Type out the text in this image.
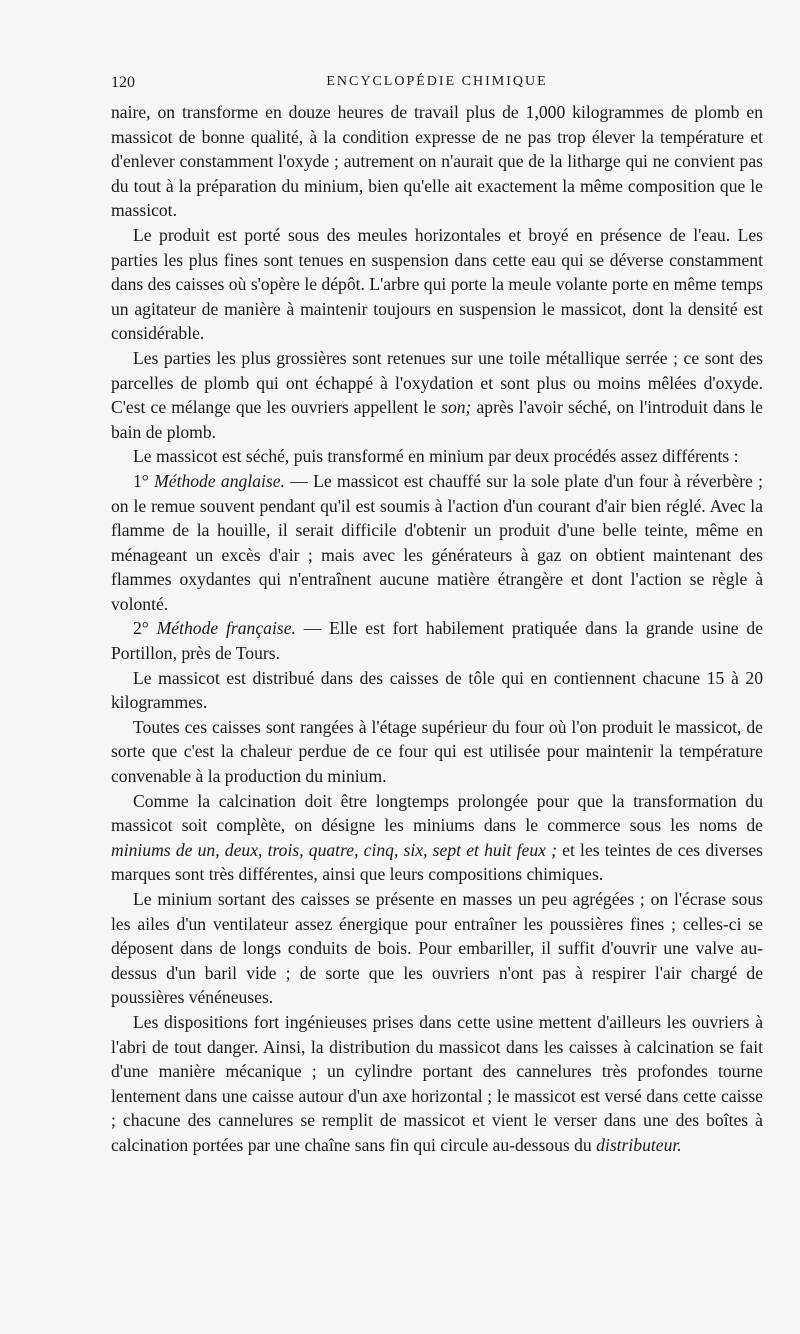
120	ENCYCLOPÉDIE CHIMIQUE

naire, on transforme en douze heures de travail plus de 1,000 kilogrammes de plomb en massicot de bonne qualité, à la condition expresse de ne pas trop élever la température et d'enlever constamment l'oxyde ; autrement on n'aurait que de la litharge qui ne convient pas du tout à la préparation du minium, bien qu'elle ait exactement la même composition que le massicot.

Le produit est porté sous des meules horizontales et broyé en présence de l'eau. Les parties les plus fines sont tenues en suspension dans cette eau qui se déverse constamment dans des caisses où s'opère le dépôt. L'arbre qui porte la meule volante porte en même temps un agitateur de manière à maintenir toujours en suspension le massicot, dont la densité est considérable.

Les parties les plus grossières sont retenues sur une toile métallique serrée ; ce sont des parcelles de plomb qui ont échappé à l'oxydation et sont plus ou moins mêlées d'oxyde. C'est ce mélange que les ouvriers appellent le son; après l'avoir séché, on l'introduit dans le bain de plomb.

Le massicot est séché, puis transformé en minium par deux procédés assez différents :

1° Méthode anglaise. — Le massicot est chauffé sur la sole plate d'un four à réverbère ; on le remue souvent pendant qu'il est soumis à l'action d'un courant d'air bien réglé. Avec la flamme de la houille, il serait difficile d'obtenir un produit d'une belle teinte, même en ménageant un excès d'air ; mais avec les générateurs à gaz on obtient maintenant des flammes oxydantes qui n'entraînent aucune matière étrangère et dont l'action se règle à volonté.

2° Méthode française. — Elle est fort habilement pratiquée dans la grande usine de Portillon, près de Tours.

Le massicot est distribué dans des caisses de tôle qui en contiennent chacune 15 à 20 kilogrammes.

Toutes ces caisses sont rangées à l'étage supérieur du four où l'on produit le massicot, de sorte que c'est la chaleur perdue de ce four qui est utilisée pour maintenir la température convenable à la production du minium.

Comme la calcination doit être longtemps prolongée pour que la transformation du massicot soit complète, on désigne les miniums dans le commerce sous les noms de miniums de un, deux, trois, quatre, cinq, six, sept et huit feux ; et les teintes de ces diverses marques sont très différentes, ainsi que leurs compositions chimiques.

Le minium sortant des caisses se présente en masses un peu agrégées ; on l'écrase sous les ailes d'un ventilateur assez énergique pour entraîner les poussières fines ; celles-ci se déposent dans de longs conduits de bois. Pour embariller, il suffit d'ouvrir une valve au-dessus d'un baril vide ; de sorte que les ouvriers n'ont pas à respirer l'air chargé de poussières vénéneuses.

Les dispositions fort ingénieuses prises dans cette usine mettent d'ailleurs les ouvriers à l'abri de tout danger. Ainsi, la distribution du massicot dans les caisses à calcination se fait d'une manière mécanique ; un cylindre portant des cannelures très profondes tourne lentement dans une caisse autour d'un axe horizontal ; le massicot est versé dans cette caisse ; chacune des cannelures se remplit de massicot et vient le verser dans une des boîtes à calcination portées par une chaîne sans fin qui circule au-dessous du distributeur.
